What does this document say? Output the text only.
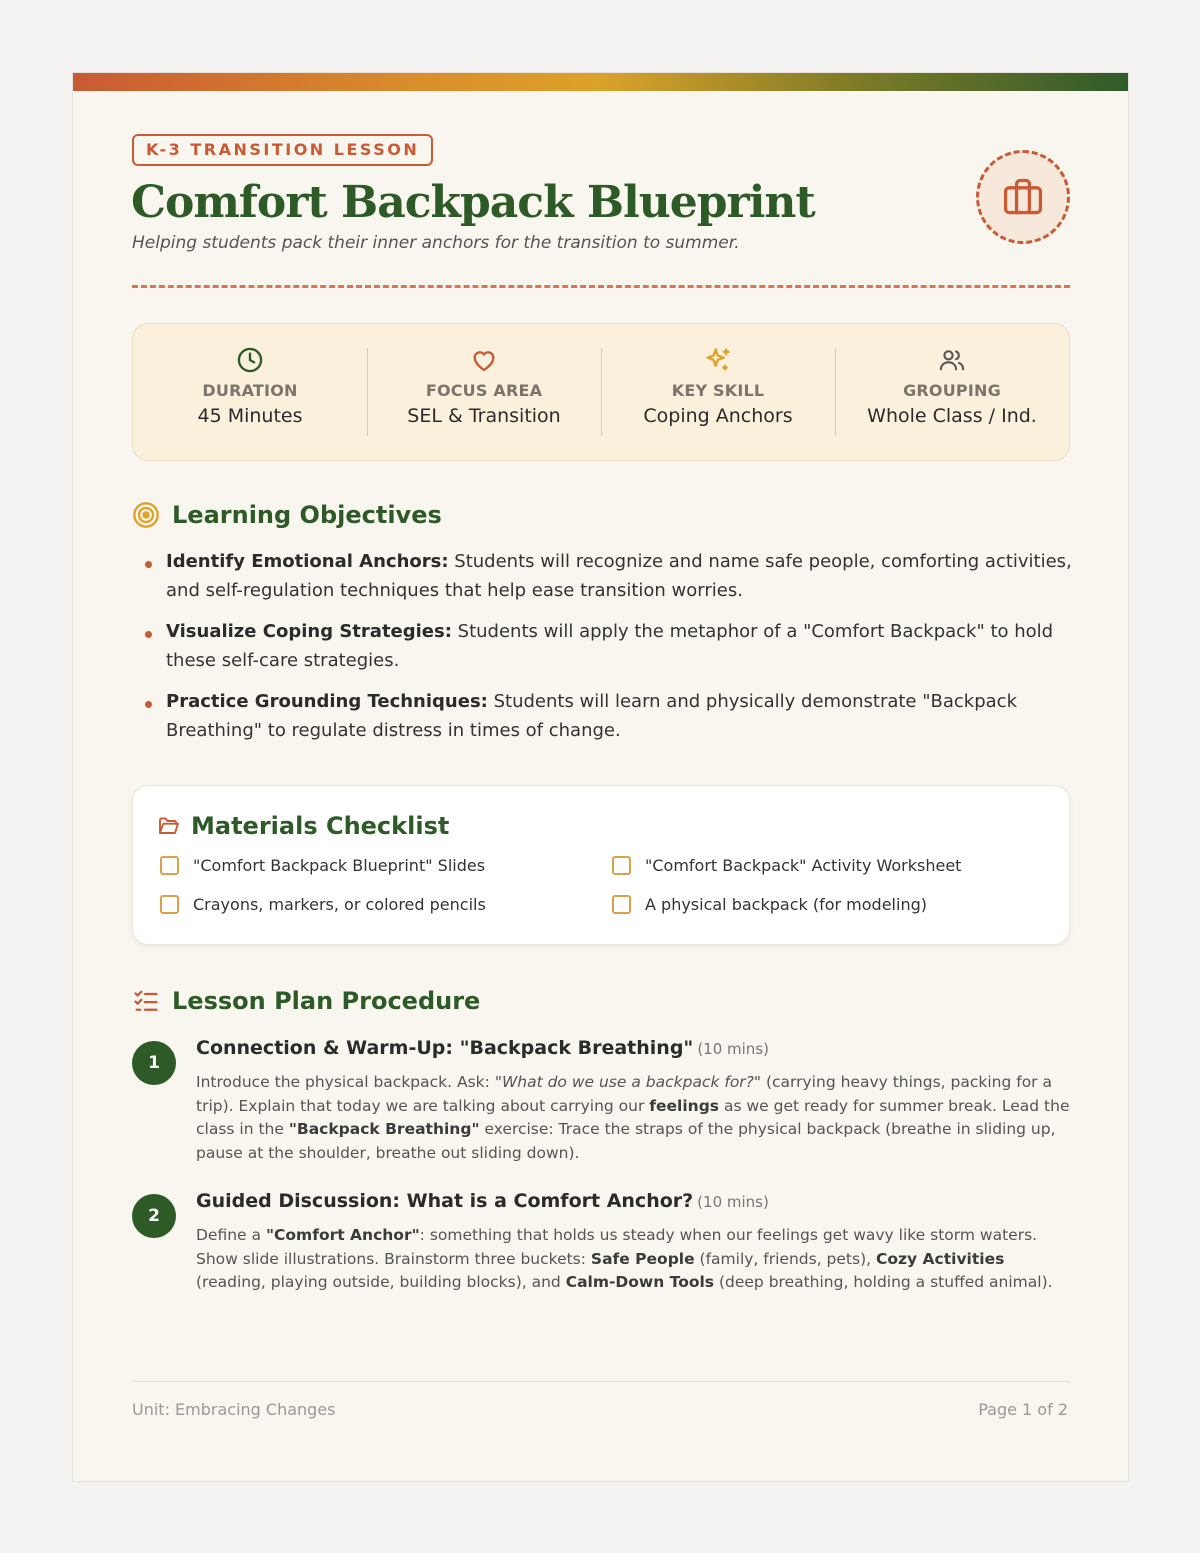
K-3 TRANSITION LESSON
Comfort Backpack Blueprint
Helping students pack their inner anchors for the transition to summer.
DURATION
45 Minutes
FOCUS AREA
SEL & Transition
KEY SKILL
Coping Anchors
GROUPING
Whole Class / Ind.
Learning Objectives
Identify Emotional Anchors: Students will recognize and name safe people, comforting activities, and self-regulation techniques that help ease transition worries.
Visualize Coping Strategies: Students will apply the metaphor of a "Comfort Backpack" to hold these self-care strategies.
Practice Grounding Techniques: Students will learn and physically demonstrate "Backpack Breathing" to regulate distress in times of change.
Materials Checklist
"Comfort Backpack Blueprint" Slides	"Comfort Backpack" Activity Worksheet
Crayons, markers, or colored pencils	A physical backpack (for modeling)
Lesson Plan Procedure
1
Connection & Warm-Up: "Backpack Breathing" (10 mins)
Introduce the physical backpack. Ask: "What do we use a backpack for?" (carrying heavy things, packing for a trip). Explain that today we are talking about carrying our feelings as we get ready for summer break. Lead the class in the "Backpack Breathing" exercise: Trace the straps of the physical backpack (breathe in sliding up, pause at the shoulder, breathe out sliding down).
2
Guided Discussion: What is a Comfort Anchor? (10 mins)
Define a "Comfort Anchor": something that holds us steady when our feelings get wavy like storm waters. Show slide illustrations. Brainstorm three buckets: Safe People (family, friends, pets), Cozy Activities (reading, playing outside, building blocks), and Calm-Down Tools (deep breathing, holding a stuffed animal).
Unit: Embracing Changes	Page 1 of 2
